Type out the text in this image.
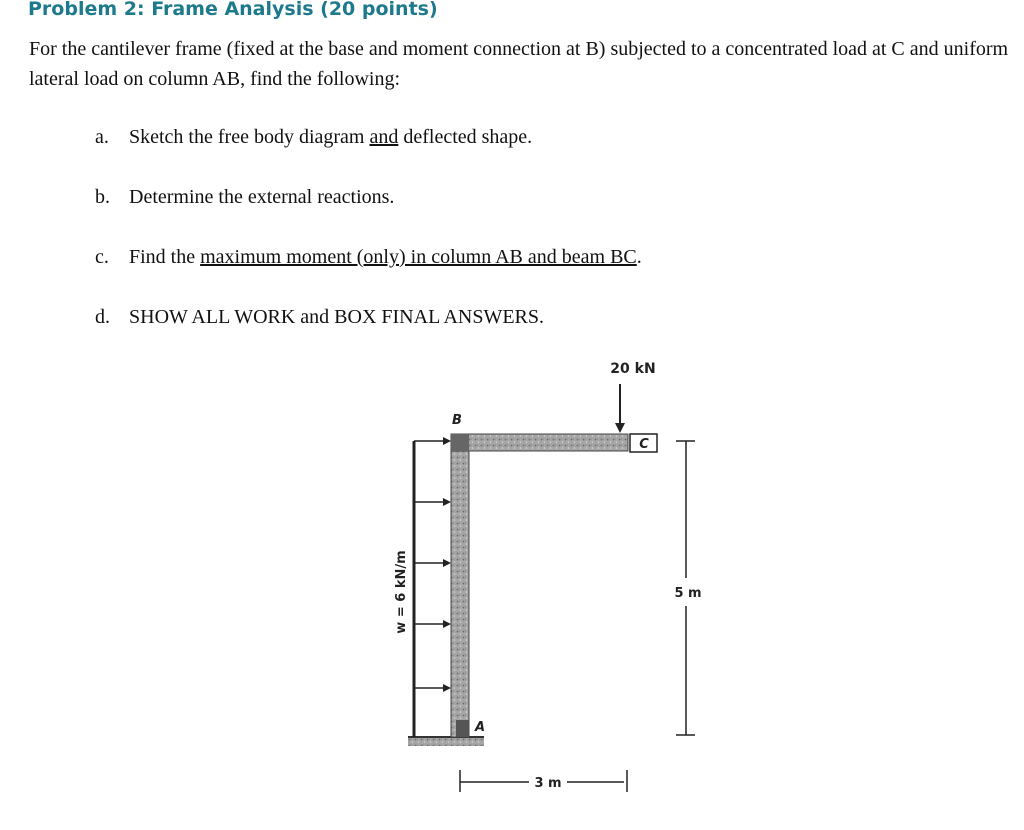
Problem 2: Frame Analysis (20 points)
For the cantilever frame (fixed at the base and moment connection at B) subjected to a concentrated load at C and uniform lateral load on column AB, find the following:
a. Sketch the free body diagram and deflected shape.
b. Determine the external reactions.
c. Find the maximum moment (only) in column AB and beam BC.
d. SHOW ALL WORK and BOX FINAL ANSWERS.
w = 6 kN/m
20 kN
B
C
A
5 m
3 m
